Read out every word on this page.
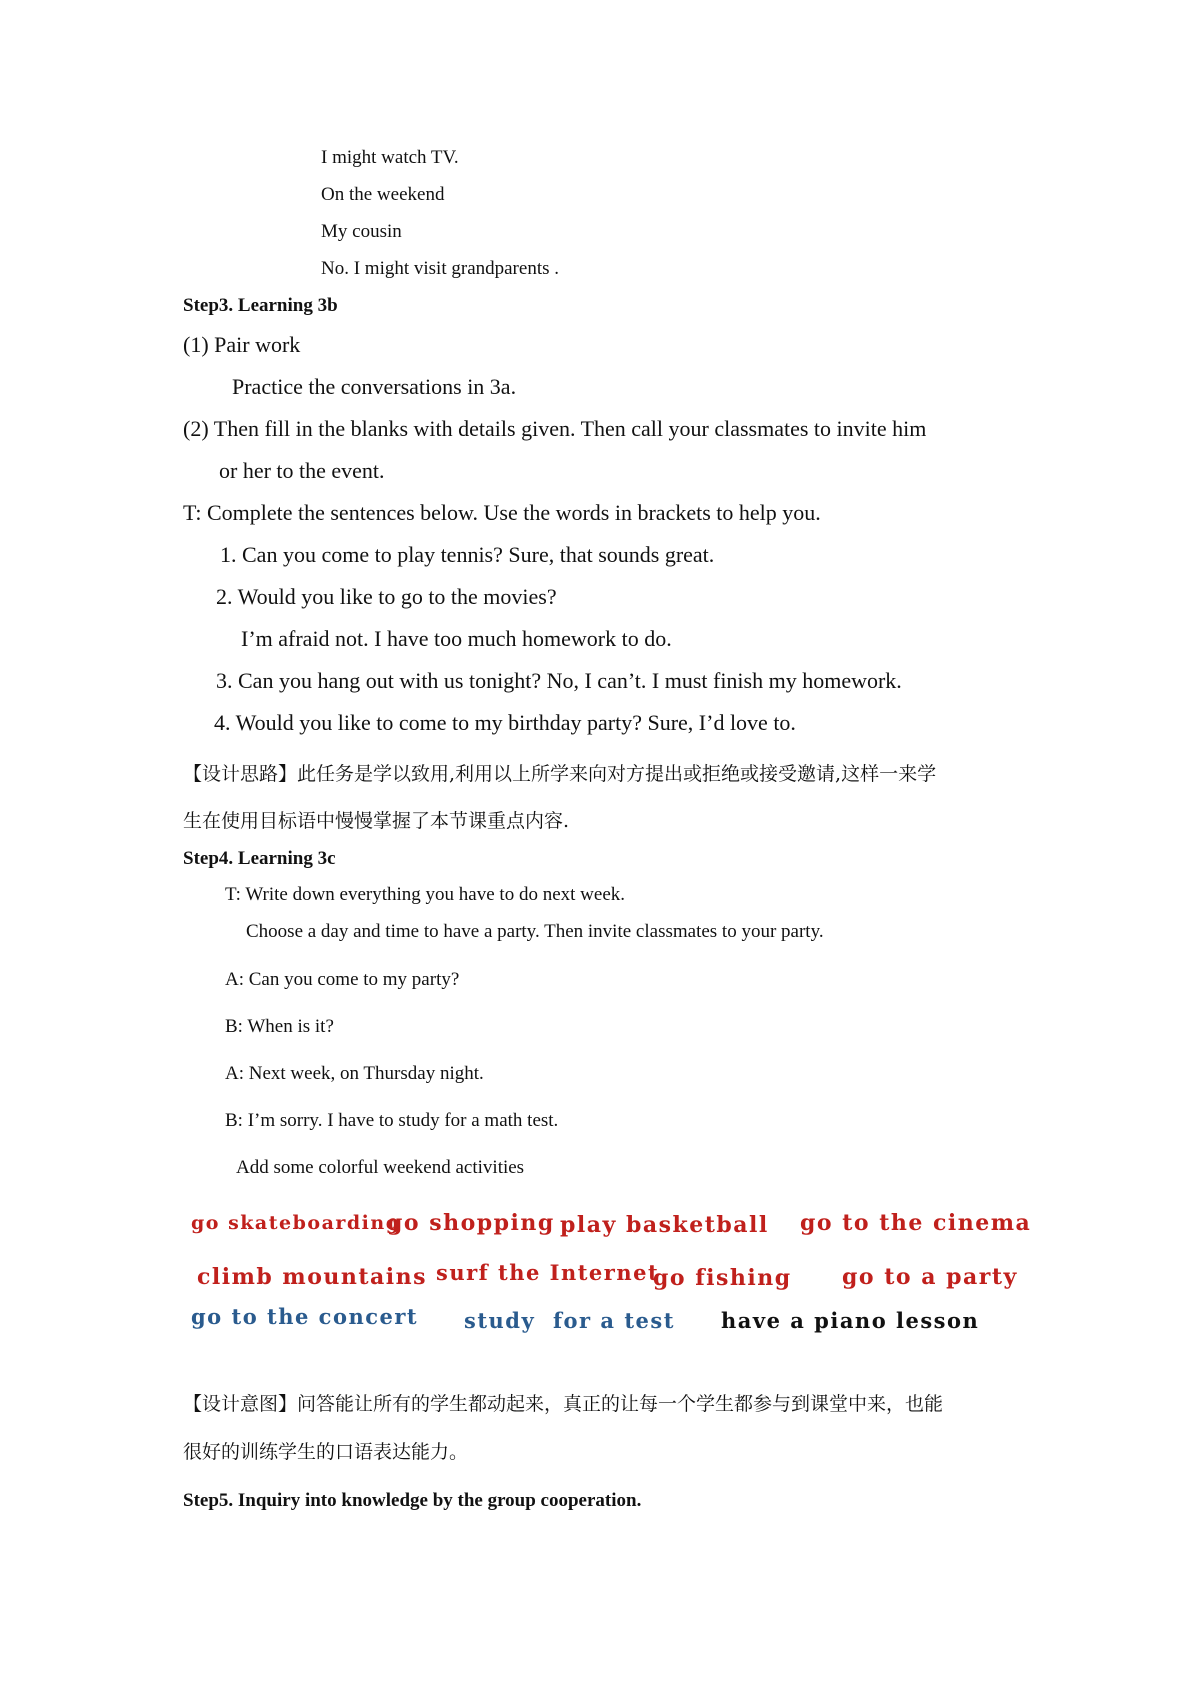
I might watch TV.
On the weekend
My cousin
No. I might visit grandparents .
Step3. Learning 3b
(1) Pair work
Practice the conversations in 3a.
(2) Then fill in the blanks with details given. Then call your classmates to invite him
or her to the event.
T: Complete the sentences below. Use the words in brackets to help you.
1. Can you come to play tennis? Sure, that sounds great.
2. Would you like to go to the movies?
I’m afraid not. I have too much homework to do.
3. Can you hang out with us tonight? No, I can’t. I must finish my homework.
4. Would you like to come to my birthday party? Sure, I’d love to.
【设计思路】此任务是学以致用,利用以上所学来向对方提出或拒绝或接受邀请,这样一来学
生在使用目标语中慢慢掌握了本节课重点内容.
Step4. Learning 3c
T: Write down everything you have to do next week.
Choose a day and time to have a party. Then invite classmates to your party.
A: Can you come to my party?
B: When is it?
A: Next week, on Thursday night.
B: I’m sorry. I have to study for a math test.
Add some colorful weekend activities
go skateboarding
go shopping play basketball go to the cinema
climb mountains surf the Internet
go fishing go to a party
go to the concert study for a test have a piano lesson
【设计意图】问答能让所有的学生都动起来，真正的让每一个学生都参与到课堂中来，也能
很好的训练学生的口语表达能力。
Step5. Inquiry into knowledge by the group cooperation.
